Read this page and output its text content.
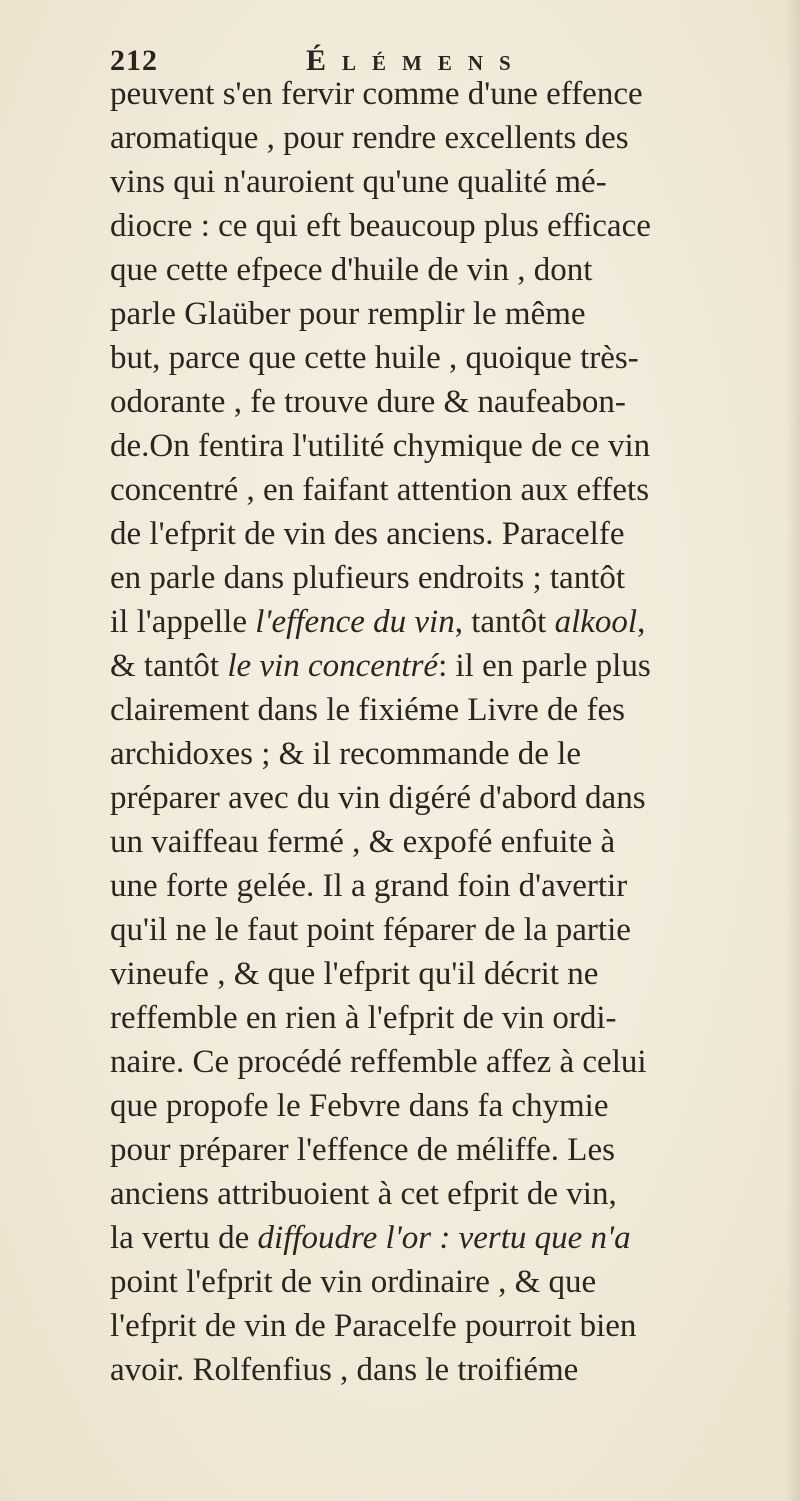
212	Élémens
peuvent s'en fervir comme d'une effence
aromatique , pour rendre excellents des
vins qui n'auroient qu'une qualité mé-
diocre : ce qui eft beaucoup plus efficace
que cette efpece d'huile de vin , dont
parle Glaüber pour remplir le même
but, parce que cette huile , quoique très-
odorante , fe trouve dure & naufeabon-
de.On fentira l'utilité chymique de ce vin
concentré , en faifant attention aux effets
de l'efprit de vin des anciens. Paracelfe
en parle dans plufieurs endroits ; tantôt
il l'appelle l'effence du vin, tantôt alkool,
& tantôt le vin concentré: il en parle plus
clairement dans le fixiéme Livre de fes
archidoxes ; & il recommande de le
préparer avec du vin digéré d'abord dans
un vaiffeau fermé , & expofé enfuite à
une forte gelée. Il a grand foin d'avertir
qu'il ne le faut point féparer de la partie
vineufe , & que l'efprit qu'il décrit ne
reffemble en rien à l'efprit de vin ordi-
naire. Ce procédé reffemble affez à celui
que propofe le Febvre dans fa chymie
pour préparer l'effence de méliffe. Les
anciens attribuoient à cet efprit de vin,
la vertu de diffoudre l'or : vertu que n'a
point l'efprit de vin ordinaire , & que
l'efprit de vin de Paracelfe pourroit bien
avoir. Rolfenfius , dans le troifiéme
